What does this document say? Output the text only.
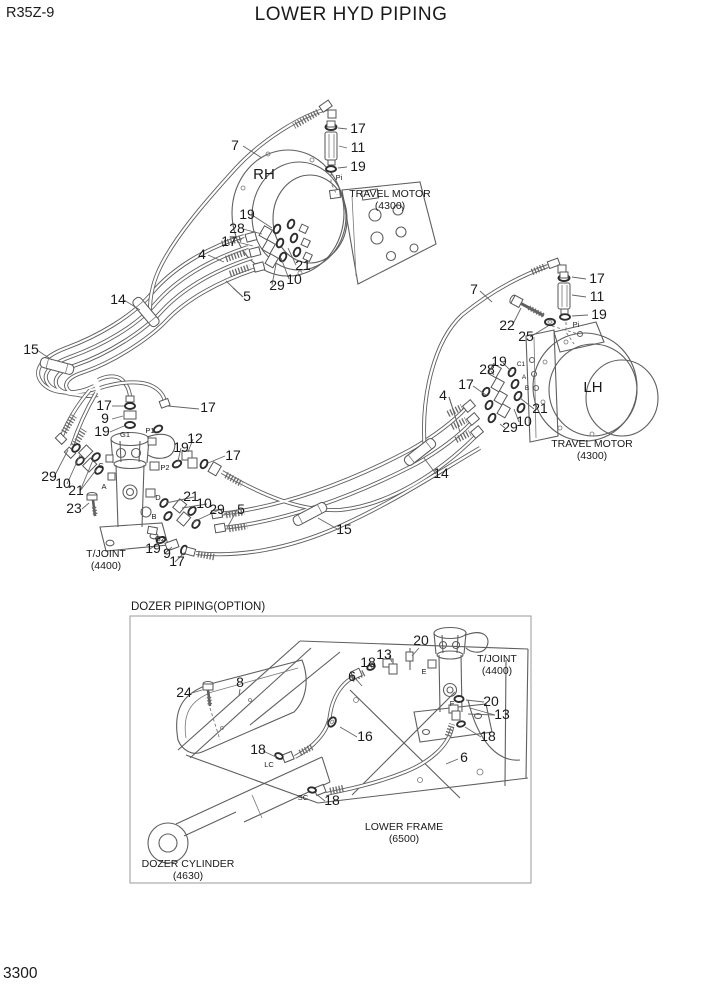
R35Z-9	LOWER HYD PIPING
3300
7
17
11
19
Pi
RH
TRAVEL MOTOR
(4300)
19
28
17
4
21
10
29
5
14
15
17
9
19 G1 P1
17
12
19
P2
17
C
A
29
10
21
23
D
B
21
10
29 5
G2
19 9
17
T/JOINT
(4400)
14
15
7
22
25
17
11
19
Pi
19
28
17
4
21
10
29
LH
TRAVEL MOTOR
(4300)
C1
A
B
DOZER PIPING(OPTION)
20
13
18
6
8
24
T/JOINT
(4400)
E
F 20
13
18
16
18
LC
SC 18
6
LOWER FRAME
(6500)
DOZER CYLINDER
(4630)
